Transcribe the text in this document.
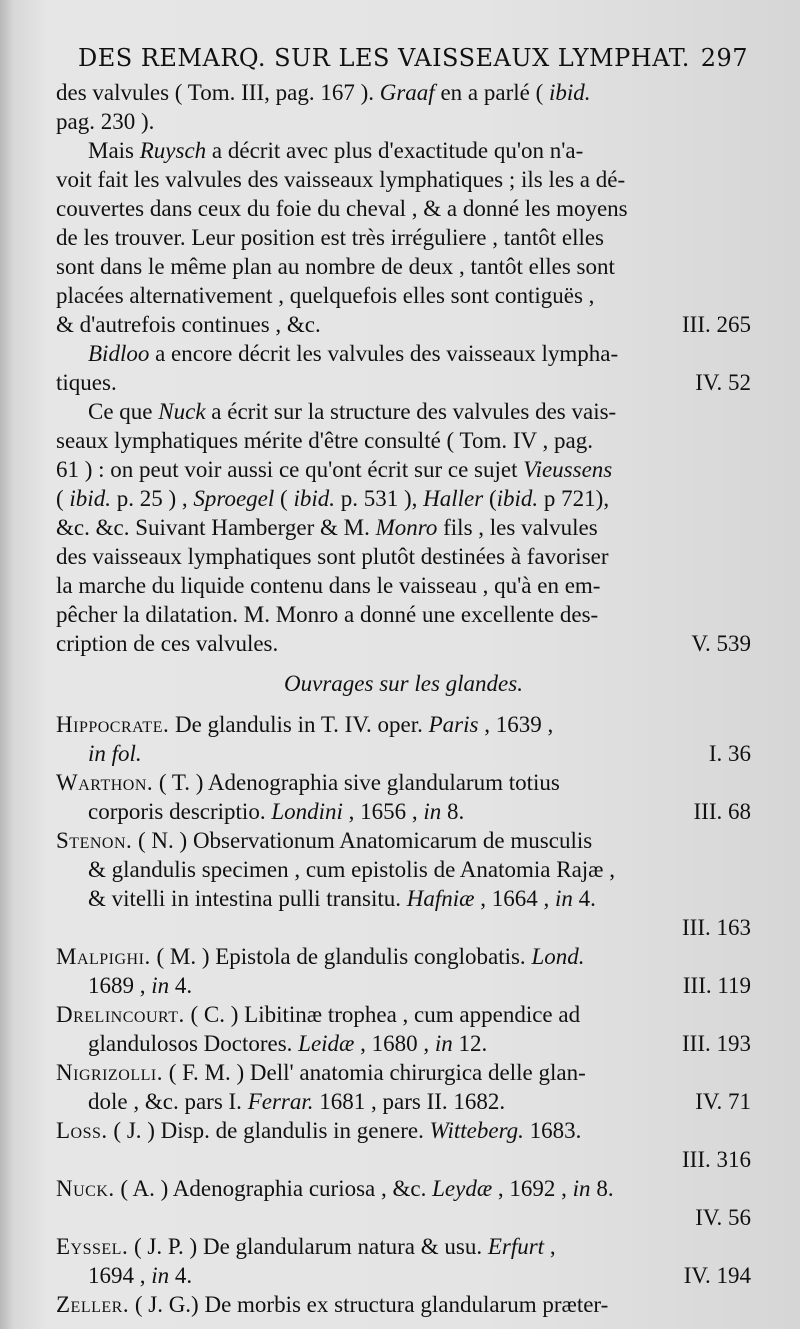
DES REMARQ. SUR LES VAISSEAUX LYMPHAT. 297
des valvules ( Tom. III, pag. 167 ). Graaf en a parlé ( ibid.
pag. 230 ).
Mais Ruysch a décrit avec plus d'exactitude qu'on n'a-
voit fait les valvules des vaisseaux lymphatiques ; ils les a dé-
couvertes dans ceux du foie du cheval , & a donné les moyens
de les trouver. Leur position est très irréguliere , tantôt elles
sont dans le même plan au nombre de deux , tantôt elles sont
placées alternativement , quelquefois elles sont contiguës ,
& d'autrefois continues , &c.	III. 265
Bidloo a encore décrit les valvules des vaisseaux lympha-
tiques.	IV. 52
Ce que Nuck a écrit sur la structure des valvules des vais-
seaux lymphatiques mérite d'être consulté ( Tom. IV , pag.
61 ) : on peut voir aussi ce qu'ont écrit sur ce sujet Vieussens
( ibid. p. 25 ) , Sproegel ( ibid. p. 531 ), Haller (ibid. p 721),
&c. &c. Suivant Hamberger & M. Monro fils , les valvules
des vaisseaux lymphatiques sont plutôt destinées à favoriser
la marche du liquide contenu dans le vaisseau , qu'à en em-
pêcher la dilatation. M. Monro a donné une excellente des-
cription de ces valvules.	V. 539
Ouvrages sur les glandes.
Hippocrate. De glandulis in T. IV. oper. Paris , 1639 ,
in fol.	I. 36
Warthon. ( T. ) Adenographia sive glandularum totius
corporis descriptio. Londini , 1656 , in 8.	III. 68
Stenon. ( N. ) Observationum Anatomicarum de musculis
& glandulis specimen , cum epistolis de Anatomia Rajæ ,
& vitelli in intestina pulli transitu. Hafniæ , 1664 , in 4.
III. 163
Malpighi. ( M. ) Epistola de glandulis conglobatis. Lond.
1689 , in 4.	III. 119
Drelincourt. ( C. ) Libitinæ trophea , cum appendice ad
glandulosos Doctores. Leidæ , 1680 , in 12.	III. 193
Nigrizolli. ( F. M. ) Dell' anatomia chirurgica delle glan-
dole , &c. pars I. Ferrar. 1681 , pars II. 1682.	IV. 71
Loss. ( J. ) Disp. de glandulis in genere. Witteberg. 1683.
III. 316
Nuck. ( A. ) Adenographia curiosa , &c. Leydæ , 1692 , in 8.
IV. 56
Eyssel. ( J. P. ) De glandularum natura & usu. Erfurt ,
1694 , in 4.	IV. 194
Zeller. ( J. G.) De morbis ex structura glandularum præter-
